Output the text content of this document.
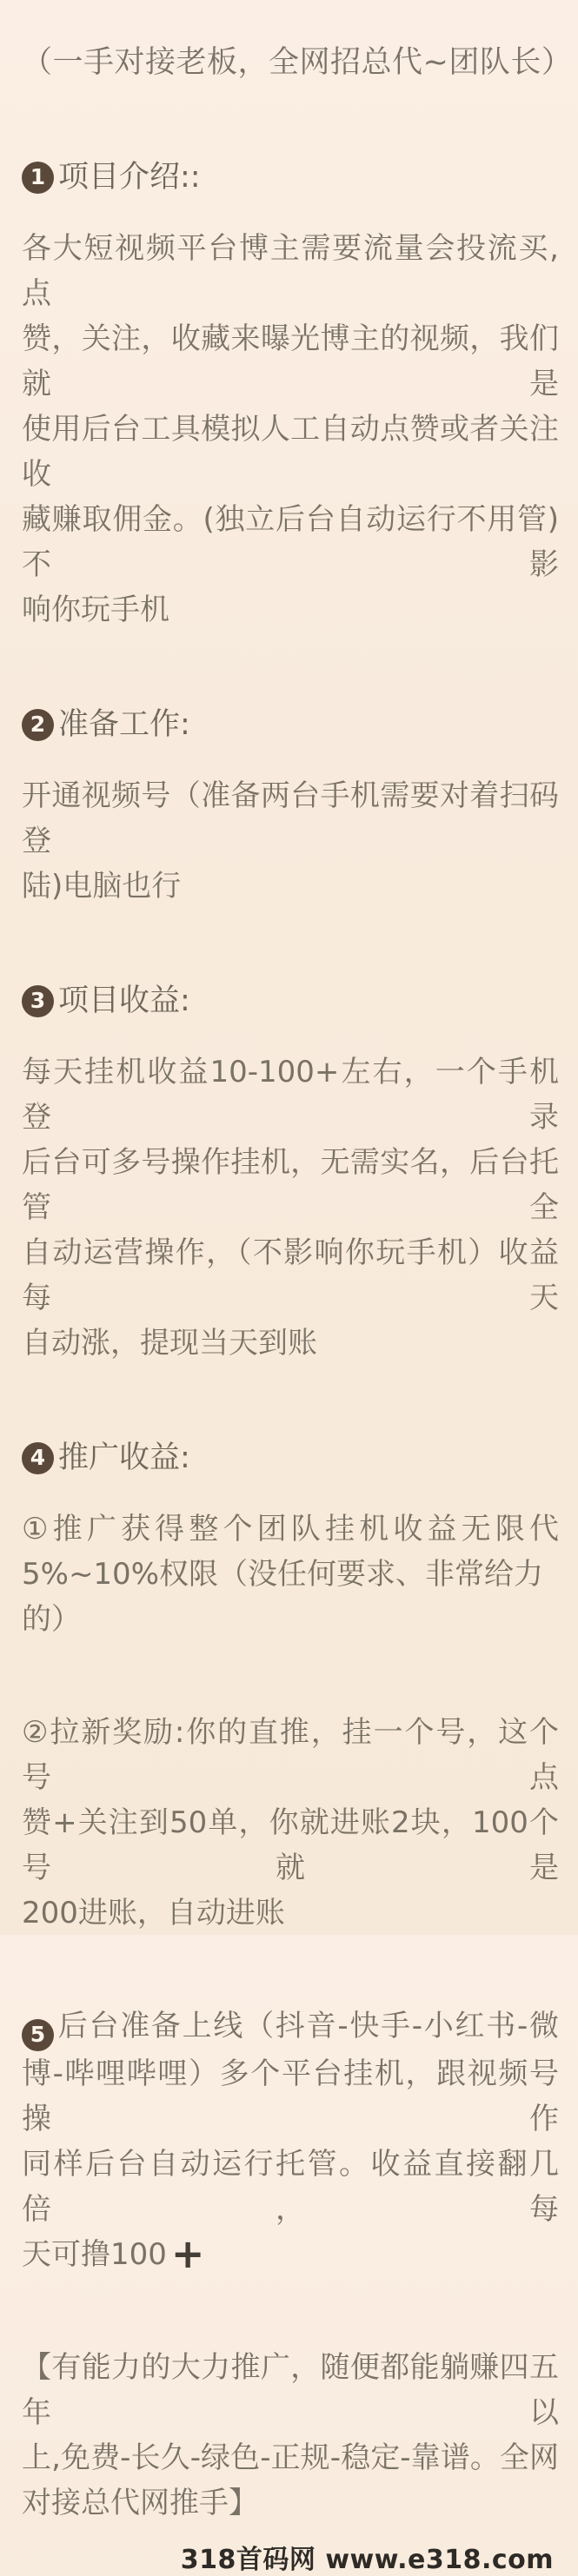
（一手对接老板，全网招总代~团队长）
1 项目介绍::
各大短视频平台博主需要流量会投流买,点
赞，关注，收藏来曝光博主的视频，我们就是
使用后台工具模拟人工自动点赞或者关注收
藏赚取佣金。(独立后台自动运行不用管)不影
响你玩手机
2 准备工作:
开通视频号（准备两台手机需要对着扫码登
陆)电脑也行
3 项目收益:
每天挂机收益10-100+左右，一个手机登录
后台可多号操作挂机，无需实名，后台托管全
自动运营操作，（不影响你玩手机）收益每天
自动涨，提现当天到账
4 推广收益:
①推广获得整个团队挂机收益无限代
5%~10%权限（没任何要求、非常给力的）
②拉新奖励:你的直推，挂一个号，这个号点
赞+关注到50单，你就进账2块，100个号就是
200进账，自动进账
5 后台准备上线（抖音-快手-小红书-微
博-哔哩哔哩）多个平台挂机，跟视频号操作
同样后台自动运行托管。收益直接翻几倍，每
天可撸100 +
【有能力的大力推广，随便都能躺赚四五年以
上,免费-长久-绿色-正规-稳定-靠谱。全网
对接总代网推手】
318首码网 www.e318.com
